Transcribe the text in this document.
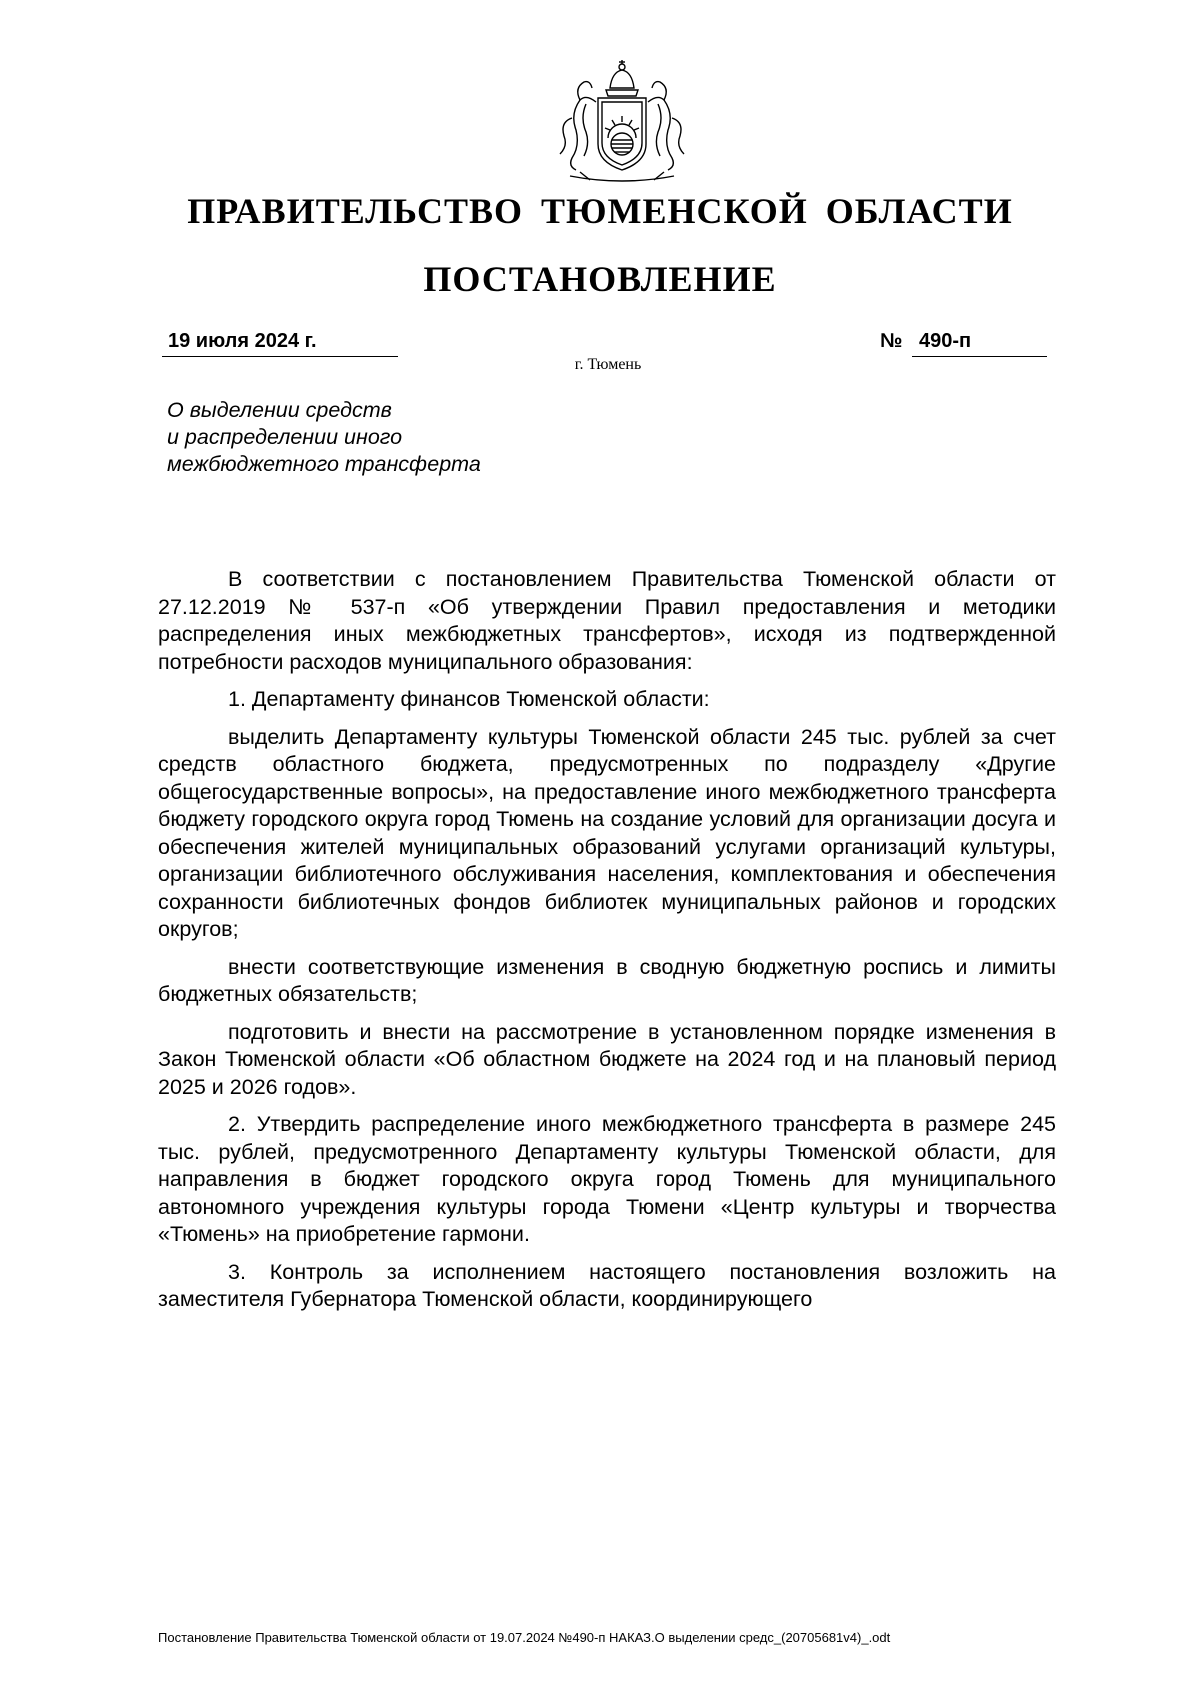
ПРАВИТЕЛЬСТВО ТЮМЕНСКОЙ ОБЛАСТИ
ПОСТАНОВЛЕНИЕ
19 июля 2024 г.	№ 490-п
г. Тюмень
О выделении средств
и распределении иного
межбюджетного трансферта

В соответствии с постановлением Правительства Тюменской области от 27.12.2019 № 537-п «Об утверждении Правил предоставления и методики распределения иных межбюджетных трансфертов», исходя из подтвержденной потребности расходов муниципального образования:

1. Департаменту финансов Тюменской области:

выделить Департаменту культуры Тюменской области 245 тыс. рублей за счет средств областного бюджета, предусмотренных по подразделу «Другие общегосударственные вопросы», на предоставление иного межбюджетного трансферта бюджету городского округа город Тюмень на создание условий для организации досуга и обеспечения жителей муниципальных образований услугами организаций культуры, организации библиотечного обслуживания населения, комплектования и обеспечения сохранности библиотечных фондов библиотек муниципальных районов и городских округов;

внести соответствующие изменения в сводную бюджетную роспись и лимиты бюджетных обязательств;

подготовить и внести на рассмотрение в установленном порядке изменения в Закон Тюменской области «Об областном бюджете на 2024 год и на плановый период 2025 и 2026 годов».

2. Утвердить распределение иного межбюджетного трансферта в размере 245 тыс. рублей, предусмотренного Департаменту культуры Тюменской области, для направления в бюджет городского округа город Тюмень для муниципального автономного учреждения культуры города Тюмени «Центр культуры и творчества «Тюмень» на приобретение гармони.

3. Контроль за исполнением настоящего постановления возложить на заместителя Губернатора Тюменской области, координирующего

Постановление Правительства Тюменской области от 19.07.2024 №490-п НАКАЗ.О выделении средс_(20705681v4)_.odt
